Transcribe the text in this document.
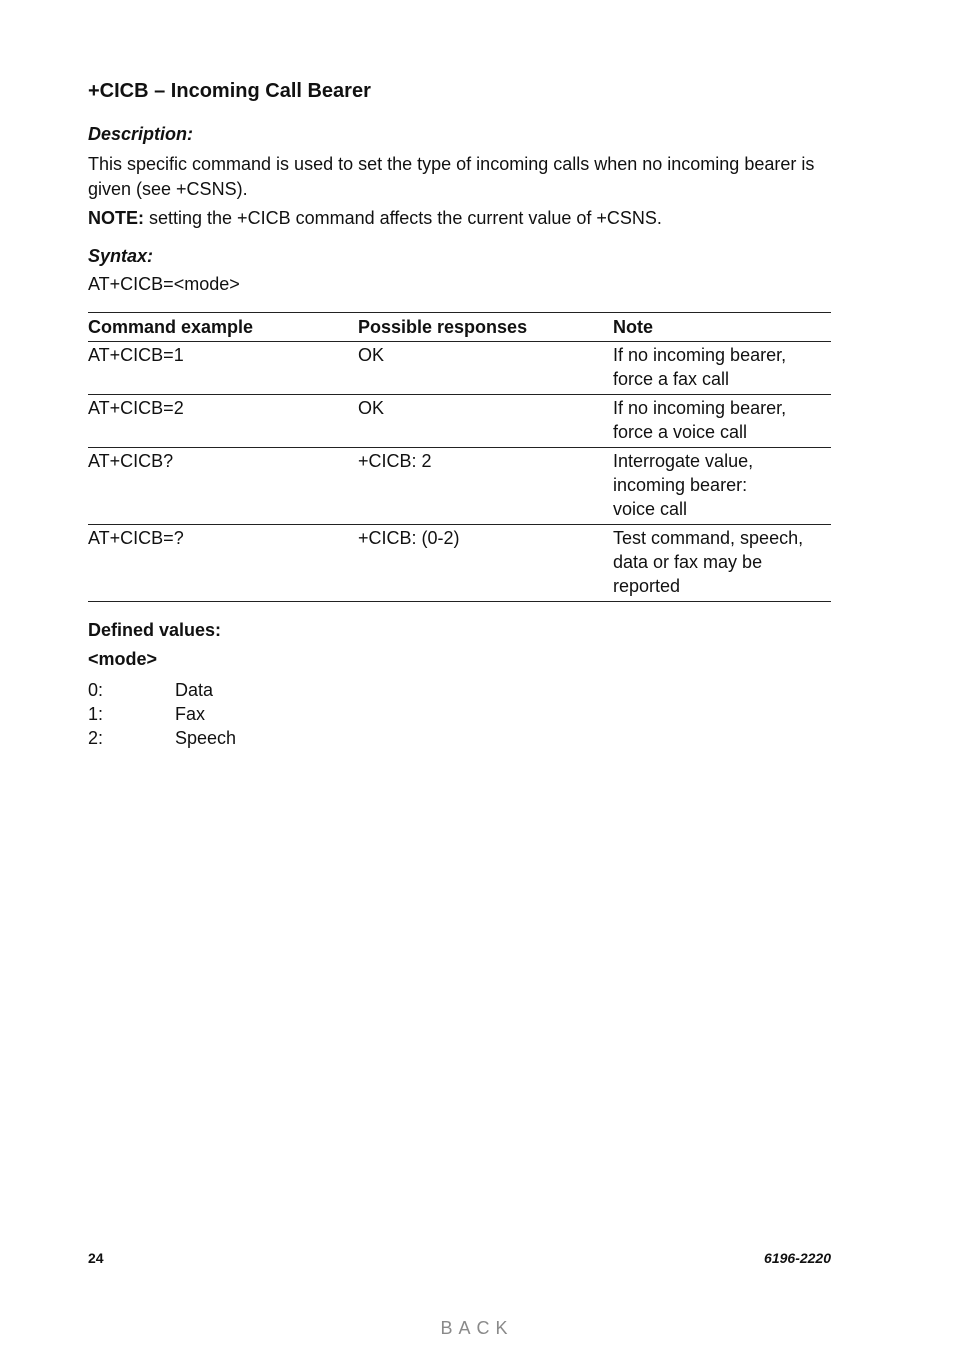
+CICB – Incoming Call Bearer
Description:
This specific command is used to set the type of incoming calls when no incoming bearer is given (see +CSNS).
NOTE: setting the +CICB command affects the current value of +CSNS.
Syntax:
AT+CICB=<mode>
Command example	Possible responses	Note
AT+CICB=1	OK	If no incoming bearer,
force a fax call

AT+CICB=2	OK	If no incoming bearer,
force a voice call

AT+CICB?	+CICB: 2	Interrogate value,
incoming bearer:
voice call

AT+CICB=?	+CICB: (0-2)	Test command, speech,
data or fax may be
reported
Defined values:
<mode>
0:	Data
1:	Fax
2:	Speech
24	6196-2220
BACK
